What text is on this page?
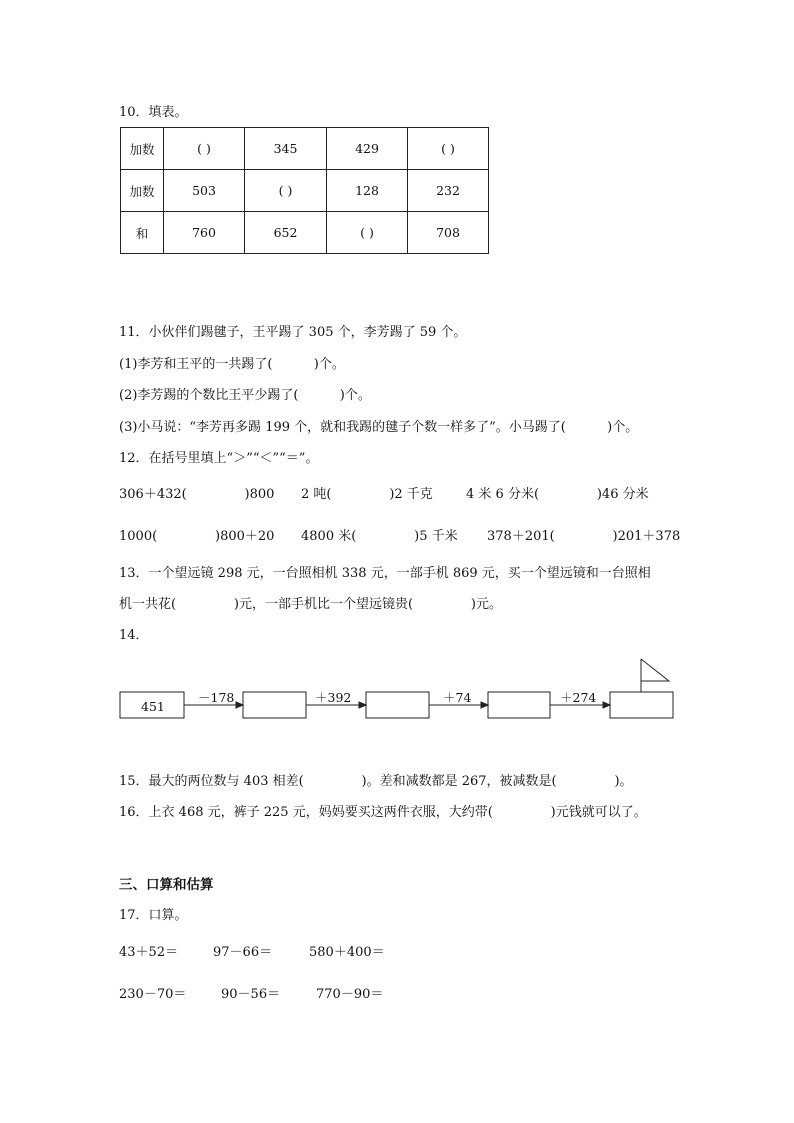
10．填表。
加数	( )	345	429	( )
加数	503	( )	128	232
和	760	652	( )	708
11．小伙伴们踢毽子，王平踢了 305 个，李芳踢了 59 个。
(1)李芳和王平的一共踢了(          )个。
(2)李芳踢的个数比王平少踢了(          )个。
(3)小马说：“李芳再多踢 199 个，就和我踢的毽子个数一样多了”。小马踢了(          )个。
12．在括号里填上“＞”“＜”“＝”。
306＋432(              )800 2 吨(              )2 千克	4 米 6 分米(              )46 分米
1000(              )800＋20 4800 米(              )5 千米 378＋201(              )201＋378
13．一个望远镜 298 元，一台照相机 338 元，一部手机 869 元，买一个望远镜和一台照相
机一共花(              )元，一部手机比一个望远镜贵(              )元。
14．
451
－178	＋392	＋74	＋274
15．最大的两位数与 403 相差(              )。差和减数都是 267，被减数是(              )。
16．上衣 468 元，裤子 225 元，妈妈要买这两件衣服，大约带(              )元钱就可以了。
三、口算和估算
17．口算。
43＋52＝	97－66＝	580＋400＝
230－70＝	90－56＝	770－90＝
